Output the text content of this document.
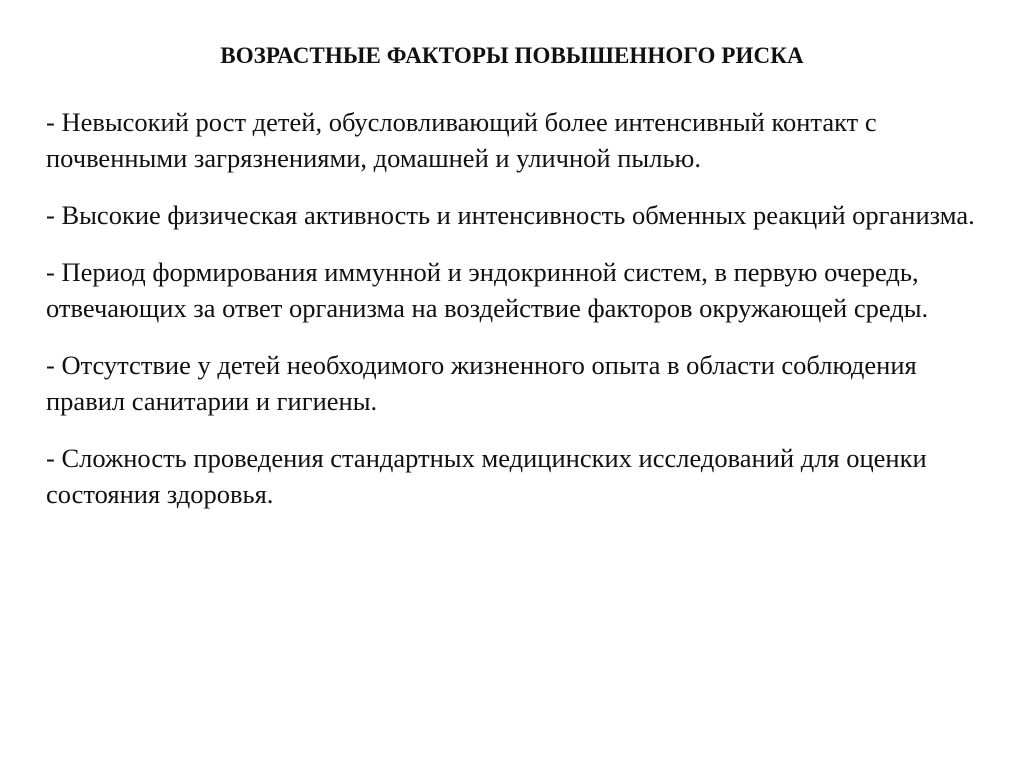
ВОЗРАСТНЫЕ ФАКТОРЫ ПОВЫШЕННОГО РИСКА
- Невысокий рост детей, обусловливающий более интенсивный контакт с почвенными загрязнениями, домашней и уличной пылью.
- Высокие физическая активность и интенсивность обменных реакций организма.
- Период формирования иммунной и эндокринной систем, в первую очередь, отвечающих за ответ организма на воздействие факторов окружающей среды.
- Отсутствие у детей необходимого жизненного опыта в области соблюдения правил санитарии и гигиены.
- Сложность проведения стандартных медицинских исследований для оценки состояния здоровья.
